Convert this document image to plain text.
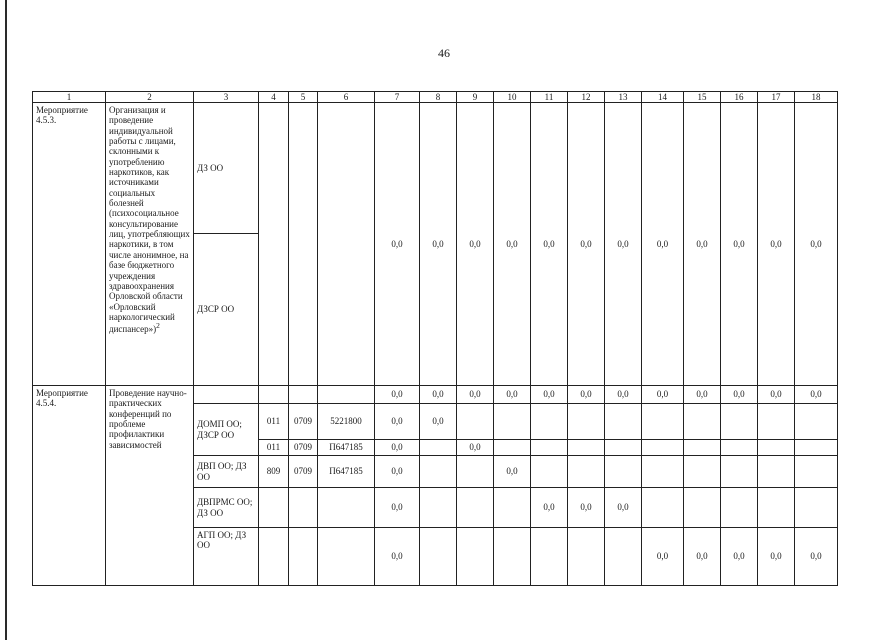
46
1	2	3	4	5	6	7	8	9	10	11	12	13	14	15	16	17	18
Мероприятие 4.5.3.	Организация и проведение индивидуальной работы с лицами, склонными к употреблению наркотиков, как источниками социальных болезней (психосоциальное консультирование лиц, употребляющих наркотики, в том числе анонимное, на базе бюджетного учреждения здравоохранения Орловской области «Орловский наркологический диспансер»)$^2$	ДЗ ОО				0,0	0,0	0,0	0,0	0,0	0,0	0,0	0,0	0,0	0,0	0,0	0,0
		ДЗСР ОО															
Мероприятие 4.5.4.	Проведение научно-практических конференций по проблеме профилактики зависимостей					0,0	0,0	0,0	0,0	0,0	0,0	0,0	0,0	0,0	0,0	0,0	0,0
		ДОМП ОО; ДЗСР ОО	011	0709	5221800	0,0	0,0										
			011	0709	П647185	0,0		0,0									
		ДВП ОО; ДЗ ОО	809	0709	П647185	0,0			0,0								
		ДВПРМС ОО; ДЗ ОО				0,0				0,0	0,0	0,0					
		АГП ОО; ДЗ ОО				0,0							0,0	0,0	0,0	0,0	0,0
